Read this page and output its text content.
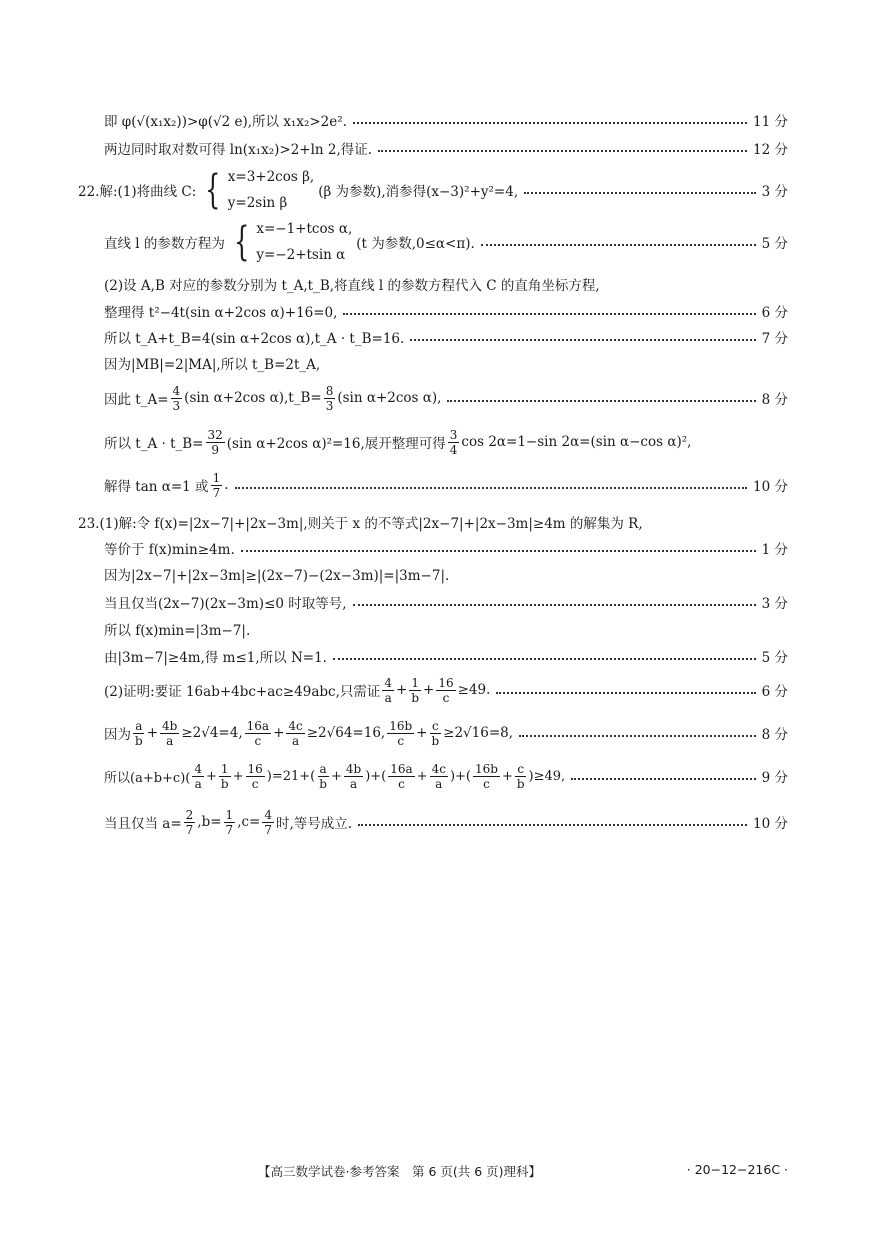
即 φ(√(x₁x₂))>φ(√2 e),所以 x₁x₂>2e².	11 分
两边同时取对数可得 ln(x₁x₂)>2+ln 2,得证.	12 分
22.解:(1)将曲线 C: { x=3+2cos β,
y=2sin β
(β 为参数),消参得(x−3)²+y²=4,	3 分
直线 l 的参数方程为 { x=−1+tcos α,
y=−2+tsin α
(t 为参数,0≤α<π).	5 分
(2)设 A,B 对应的参数分别为 t_A,t_B,将直线 l 的参数方程代入 C 的直角坐标方程,
整理得 t²−4t(sin α+2cos α)+16=0,	6 分
所以 t_A+t_B=4(sin α+2cos α),t_A · t_B=16.	7 分
因为|MB|=2|MA|,所以 t_B=2t_A,
因此 t_A= $\frac{4}{3} (\sin$ α+2cos α),t_B= $\frac{8}{3} (\sin$ α+2cos α),	8 分
所以 t_A · t_B= $\frac{32}{9} (\sin$ α+2cos α)²=16,展开整理可得 $\frac{3}{4}$ cos 2α=1−sin 2α=(sin α−cos α)²,
解得 tan α=1 或 $\frac{1}{7}$ .	10 分
23.(1)解:令 f(x)=|2x−7|+|2x−3m|,则关于 x 的不等式|2x−7|+|2x−3m|≥4m 的解集为 R,
等价于 f(x)min≥4m.	1 分
因为|2x−7|+|2x−3m|≥|(2x−7)−(2x−3m)|=|3m−7|.
当且仅当(2x−7)(2x−3m)≤0 时取等号,	3 分
所以 f(x)min=|3m−7|.
由|3m−7|≥4m,得 m≤1,所以 N=1.	5 分
(2)证明:要证 16ab+4bc+ac≥49abc,只需证 $\frac{4}{a} + \frac{1}{b} + \frac{16}{c} \ge 49$.	6 分
因为 $\frac{a}{b} + \frac{4b}{a} \ge 2√4=4$, $\frac{16a}{c} + \frac{4c}{a} \ge 2√64=16$, $\frac{16b}{c} + \frac{c}{b} \ge 2√16=8$,	8 分
所以$(a+b+c)( \frac{4}{a} + \frac{1}{b} + \frac{16}{c} )=21+( \frac{a}{b} + \frac{4b}{a}$ )+( $\frac{16a}{c} + \frac{4c}{a}$ )+( $\frac{16b}{c} + \frac{c}{b} )\ge 49$,	9 分
当且仅当 $a= \frac{2}{7} ,b= \frac{1}{7} ,c= \frac{4}{7}$ 时,等号成立.	10 分
【高三数学试卷·参考答案　第 6 页(共 6 页)理科】	· 20−12−216C ·
